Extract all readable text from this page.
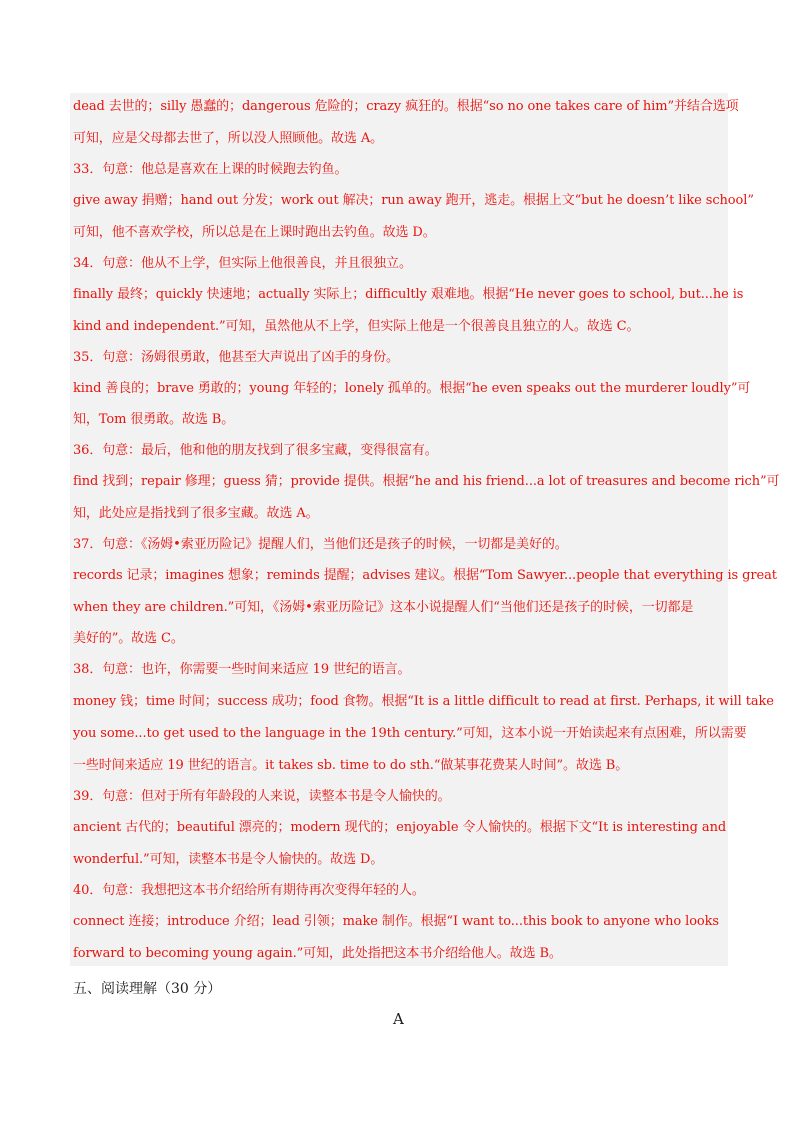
dead 去世的；silly 愚蠢的；dangerous 危险的；crazy 疯狂的。根据“so no one takes care of him”并结合选项
可知，应是父母都去世了，所以没人照顾他。故选 A。
33．句意：他总是喜欢在上课的时候跑去钓鱼。
give away 捐赠；hand out 分发；work out 解决；run away 跑开，逃走。根据上文“but he doesn’t like school”
可知，他不喜欢学校，所以总是在上课时跑出去钓鱼。故选 D。
34．句意：他从不上学，但实际上他很善良，并且很独立。
finally 最终；quickly 快速地；actually 实际上；difficultly 艰难地。根据“He never goes to school, but...he is
kind and independent.”可知，虽然他从不上学，但实际上他是一个很善良且独立的人。故选 C。
35．句意：汤姆很勇敢，他甚至大声说出了凶手的身份。
kind 善良的；brave 勇敢的；young 年轻的；lonely 孤单的。根据“he even speaks out the murderer loudly”可
知，Tom 很勇敢。故选 B。
36．句意：最后，他和他的朋友找到了很多宝藏，变得很富有。
find 找到；repair 修理；guess 猜；provide 提供。根据“he and his friend...a lot of treasures and become rich”可
知，此处应是指找到了很多宝藏。故选 A。
37．句意：《汤姆•索亚历险记》提醒人们，当他们还是孩子的时候，一切都是美好的。
records 记录；imagines 想象；reminds 提醒；advises 建议。根据“Tom Sawyer...people that everything is great
when they are children.”可知，《汤姆•索亚历险记》这本小说提醒人们“当他们还是孩子的时候，一切都是
美好的”。故选 C。
38．句意：也许，你需要一些时间来适应 19 世纪的语言。
money 钱；time 时间；success 成功；food 食物。根据“It is a little difficult to read at first. Perhaps, it will take
you some...to get used to the language in the 19th century.”可知，这本小说一开始读起来有点困难，所以需要
一些时间来适应 19 世纪的语言。it takes sb. time to do sth.“做某事花费某人时间”。故选 B。
39．句意：但对于所有年龄段的人来说，读整本书是令人愉快的。
ancient 古代的；beautiful 漂亮的；modern 现代的；enjoyable 令人愉快的。根据下文“It is interesting and
wonderful.”可知，读整本书是令人愉快的。故选 D。
40．句意：我想把这本书介绍给所有期待再次变得年轻的人。
connect 连接；introduce 介绍；lead 引领；make 制作。根据“I want to...this book to anyone who looks
forward to becoming young again.”可知，此处指把这本书介绍给他人。故选 B。
五、阅读理解（30 分）
A
